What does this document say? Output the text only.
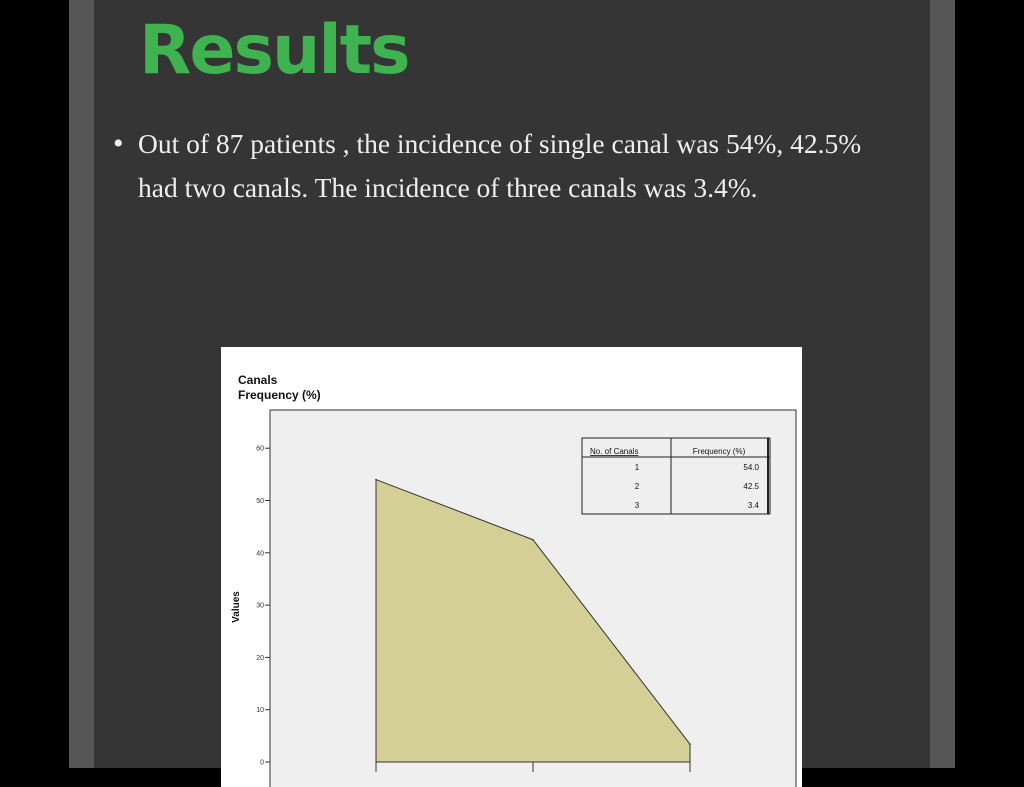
Results
• Out of 87 patients , the incidence of single canal was 54%, 42.5% had two canals. The incidence of three canals was 3.4%.

Canals
Frequency (%)
Values
0
10
20
30
40
50
60	No. of Canals	Frequency (%)
1	54.0
2	42.5
3	3.4
